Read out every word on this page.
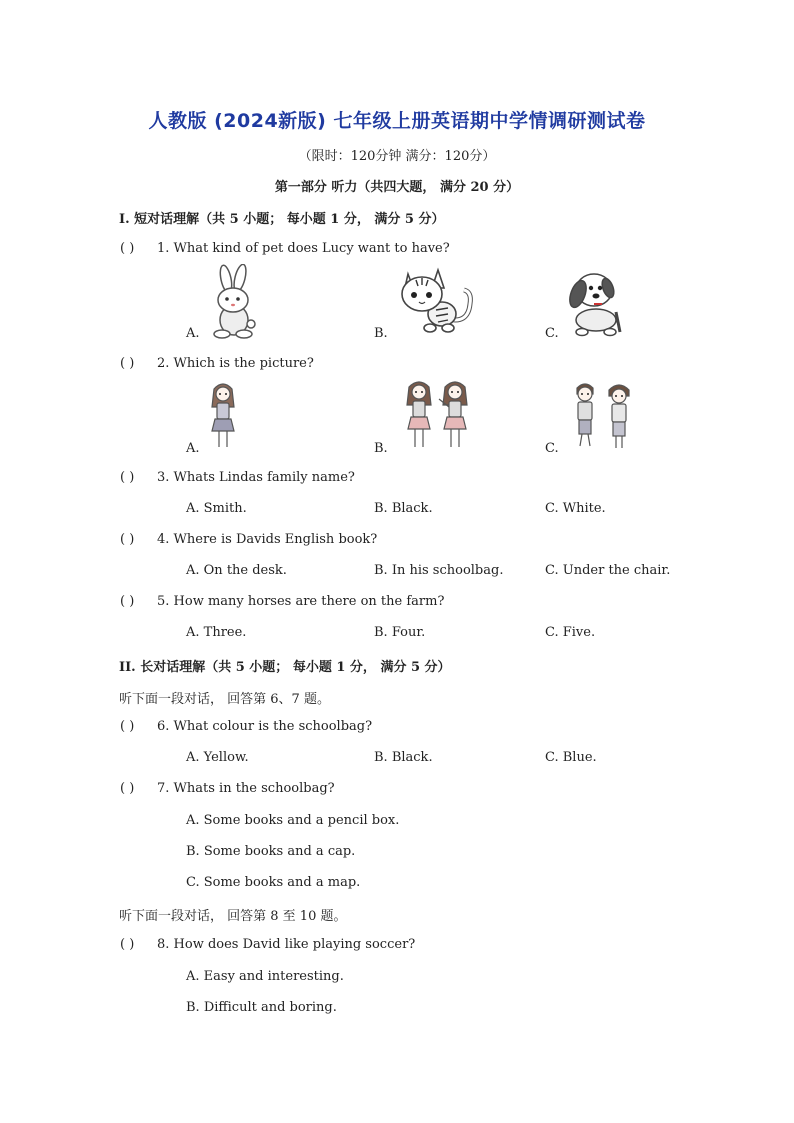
人教版 (2024新版) 七年级上册英语期中学情调研测试卷
（限时：120分钟 满分：120分）
第一部分 听力（共四大题， 满分 20 分）
I. 短对话理解（共 5 小题； 每小题 1 分， 满分 5 分）
( ) 1. What kind of pet does Lucy want to have?
A.	B.	C.
( ) 2. Which is the picture?
A.	B.	C.
( ) 3. Whats Lindas family name?
A. Smith.	B. Black.	C. White.
( ) 4. Where is Davids English book?
A. On the desk.	B. In his schoolbag.	C. Under the chair.
( ) 5. How many horses are there on the farm?
A. Three.	B. Four.	C. Five.
II. 长对话理解（共 5 小题； 每小题 1 分， 满分 5 分）
听下面一段对话， 回答第 6、7 题。
( ) 6. What colour is the schoolbag?
A. Yellow.	B. Black.	C. Blue.
( ) 7. Whats in the schoolbag?
A. Some books and a pencil box.
B. Some books and a cap.
C. Some books and a map.
听下面一段对话， 回答第 8 至 10 题。
( ) 8. How does David like playing soccer?
A. Easy and interesting.
B. Difficult and boring.
